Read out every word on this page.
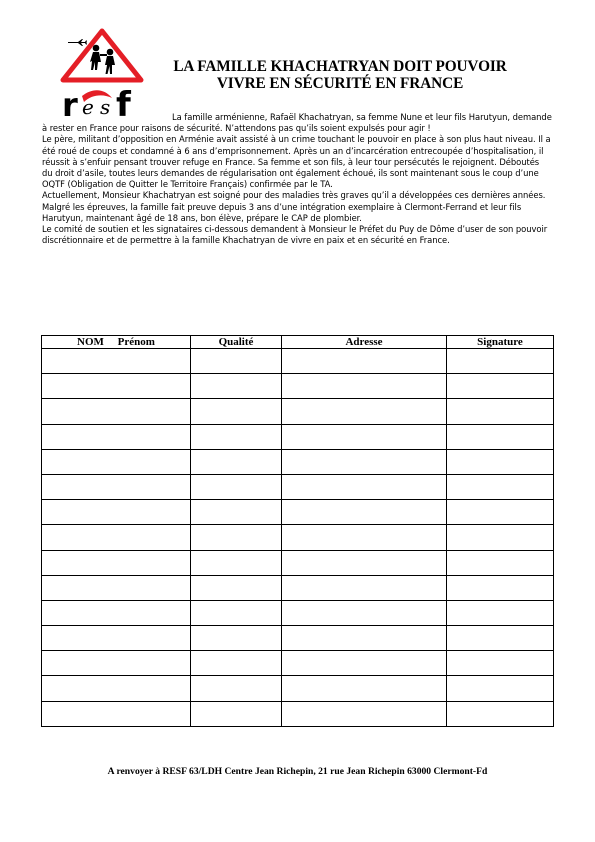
r e s f
LA FAMILLE KHACHATRYAN DOIT POUVOIR
VIVRE EN SÉCURITÉ EN FRANCE

La famille arménienne, Rafaël Khachatryan, sa femme Nune et leur fils Harutyun, demande à rester en France pour raisons de sécurité. N’attendons pas qu’ils soient expulsés pour agir !

Le père, militant d’opposition en Arménie avait assisté à un crime touchant le pouvoir en place à son plus haut niveau. Il a été roué de coups et condamné à 6 ans d’emprisonnement. Après un an d’incarcération entrecoupée d’hospitalisation, il réussit à s’enfuir pensant trouver refuge en France. Sa femme et son fils, à leur tour persécutés le rejoignent. Déboutés du droit d’asile, toutes leurs demandes de régularisation ont également échoué, ils sont maintenant sous le coup d’une OQTF (Obligation de Quitter le Territoire Français) confirmée par le TA.

Actuellement, Monsieur Khachatryan est soigné pour des maladies très graves qu’il a développées ces dernières années.

Malgré les épreuves, la famille fait preuve depuis 3 ans d’une intégration exemplaire à Clermont-Ferrand et leur fils Harutyun, maintenant âgé de 18 ans, bon élève, prépare le CAP de plombier.

Le comité de soutien et les signataires ci-dessous demandent à Monsieur le Préfet du Puy de Dôme d’user de son pouvoir discrétionnaire et de permettre à la famille Khachatryan de vivre en paix et en sécurité en France.

NOM     Prénom	Qualité	Adresse	Signature

A renvoyer à RESF 63/LDH Centre Jean Richepin, 21 rue Jean Richepin 63000 Clermont-Fd
